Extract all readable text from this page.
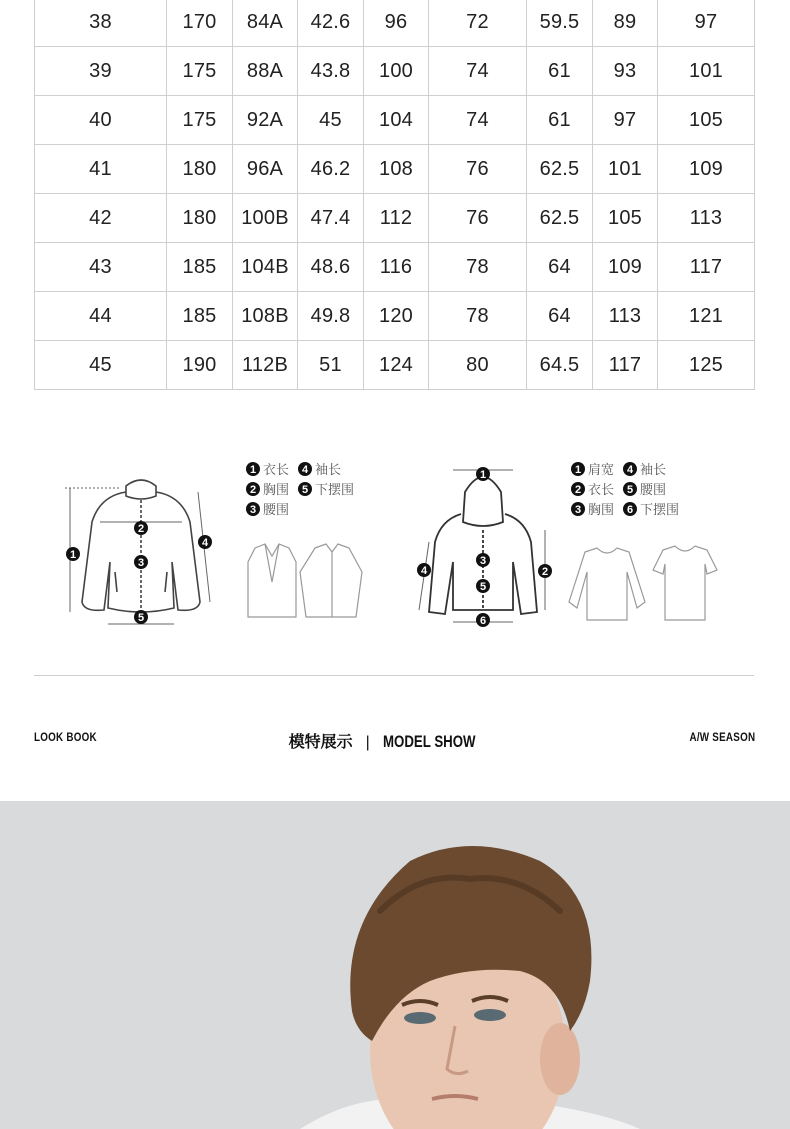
38	170	84A	42.6	96	72	59.5	89	97
39	175	88A	43.8	100	74	61	93	101
40	175	92A	45	104	74	61	97	105
41	180	96A	46.2	108	76	62.5	101	109
42	180	100B	47.4	112	76	62.5	105	113
43	185	104B	48.6	116	78	64	109	117
44	185	108B	49.8	120	78	64	113	121
45	190	112B	51	124	80	64.5	117	125
1
2
3
4
5
1 衣长 4 袖长
2 胸围 5 下摆围
3 腰围
1
2
3
4
5
6
1 肩宽 4 袖长
2 衣长 5 腰围
3 胸围 6 下摆围
LOOK BOOK	模特展示 | MODEL SHOW	A/W SEASON
